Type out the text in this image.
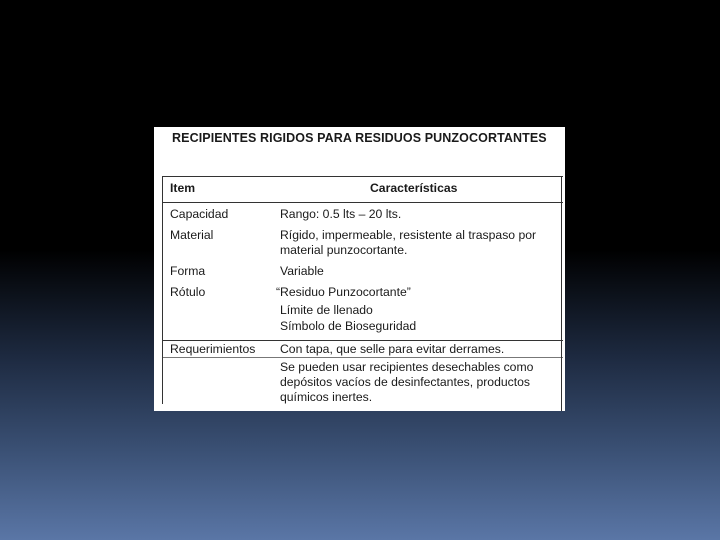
RECIPIENTES RIGIDOS PARA RESIDUOS PUNZOCORTANTES
Item	Características
Capacidad	Rango: 0.5 lts – 20 lts.
Material	Rígido, impermeable, resistente al traspaso por
material punzocortante.
Forma	Variable
Rótulo	“Residuo Punzocortante”
Límite de llenado
Símbolo de Bioseguridad
Requerimientos Con tapa, que selle para evitar derrames.
Se pueden usar recipientes desechables como
depósitos vacíos de desinfectantes, productos
químicos inertes.
